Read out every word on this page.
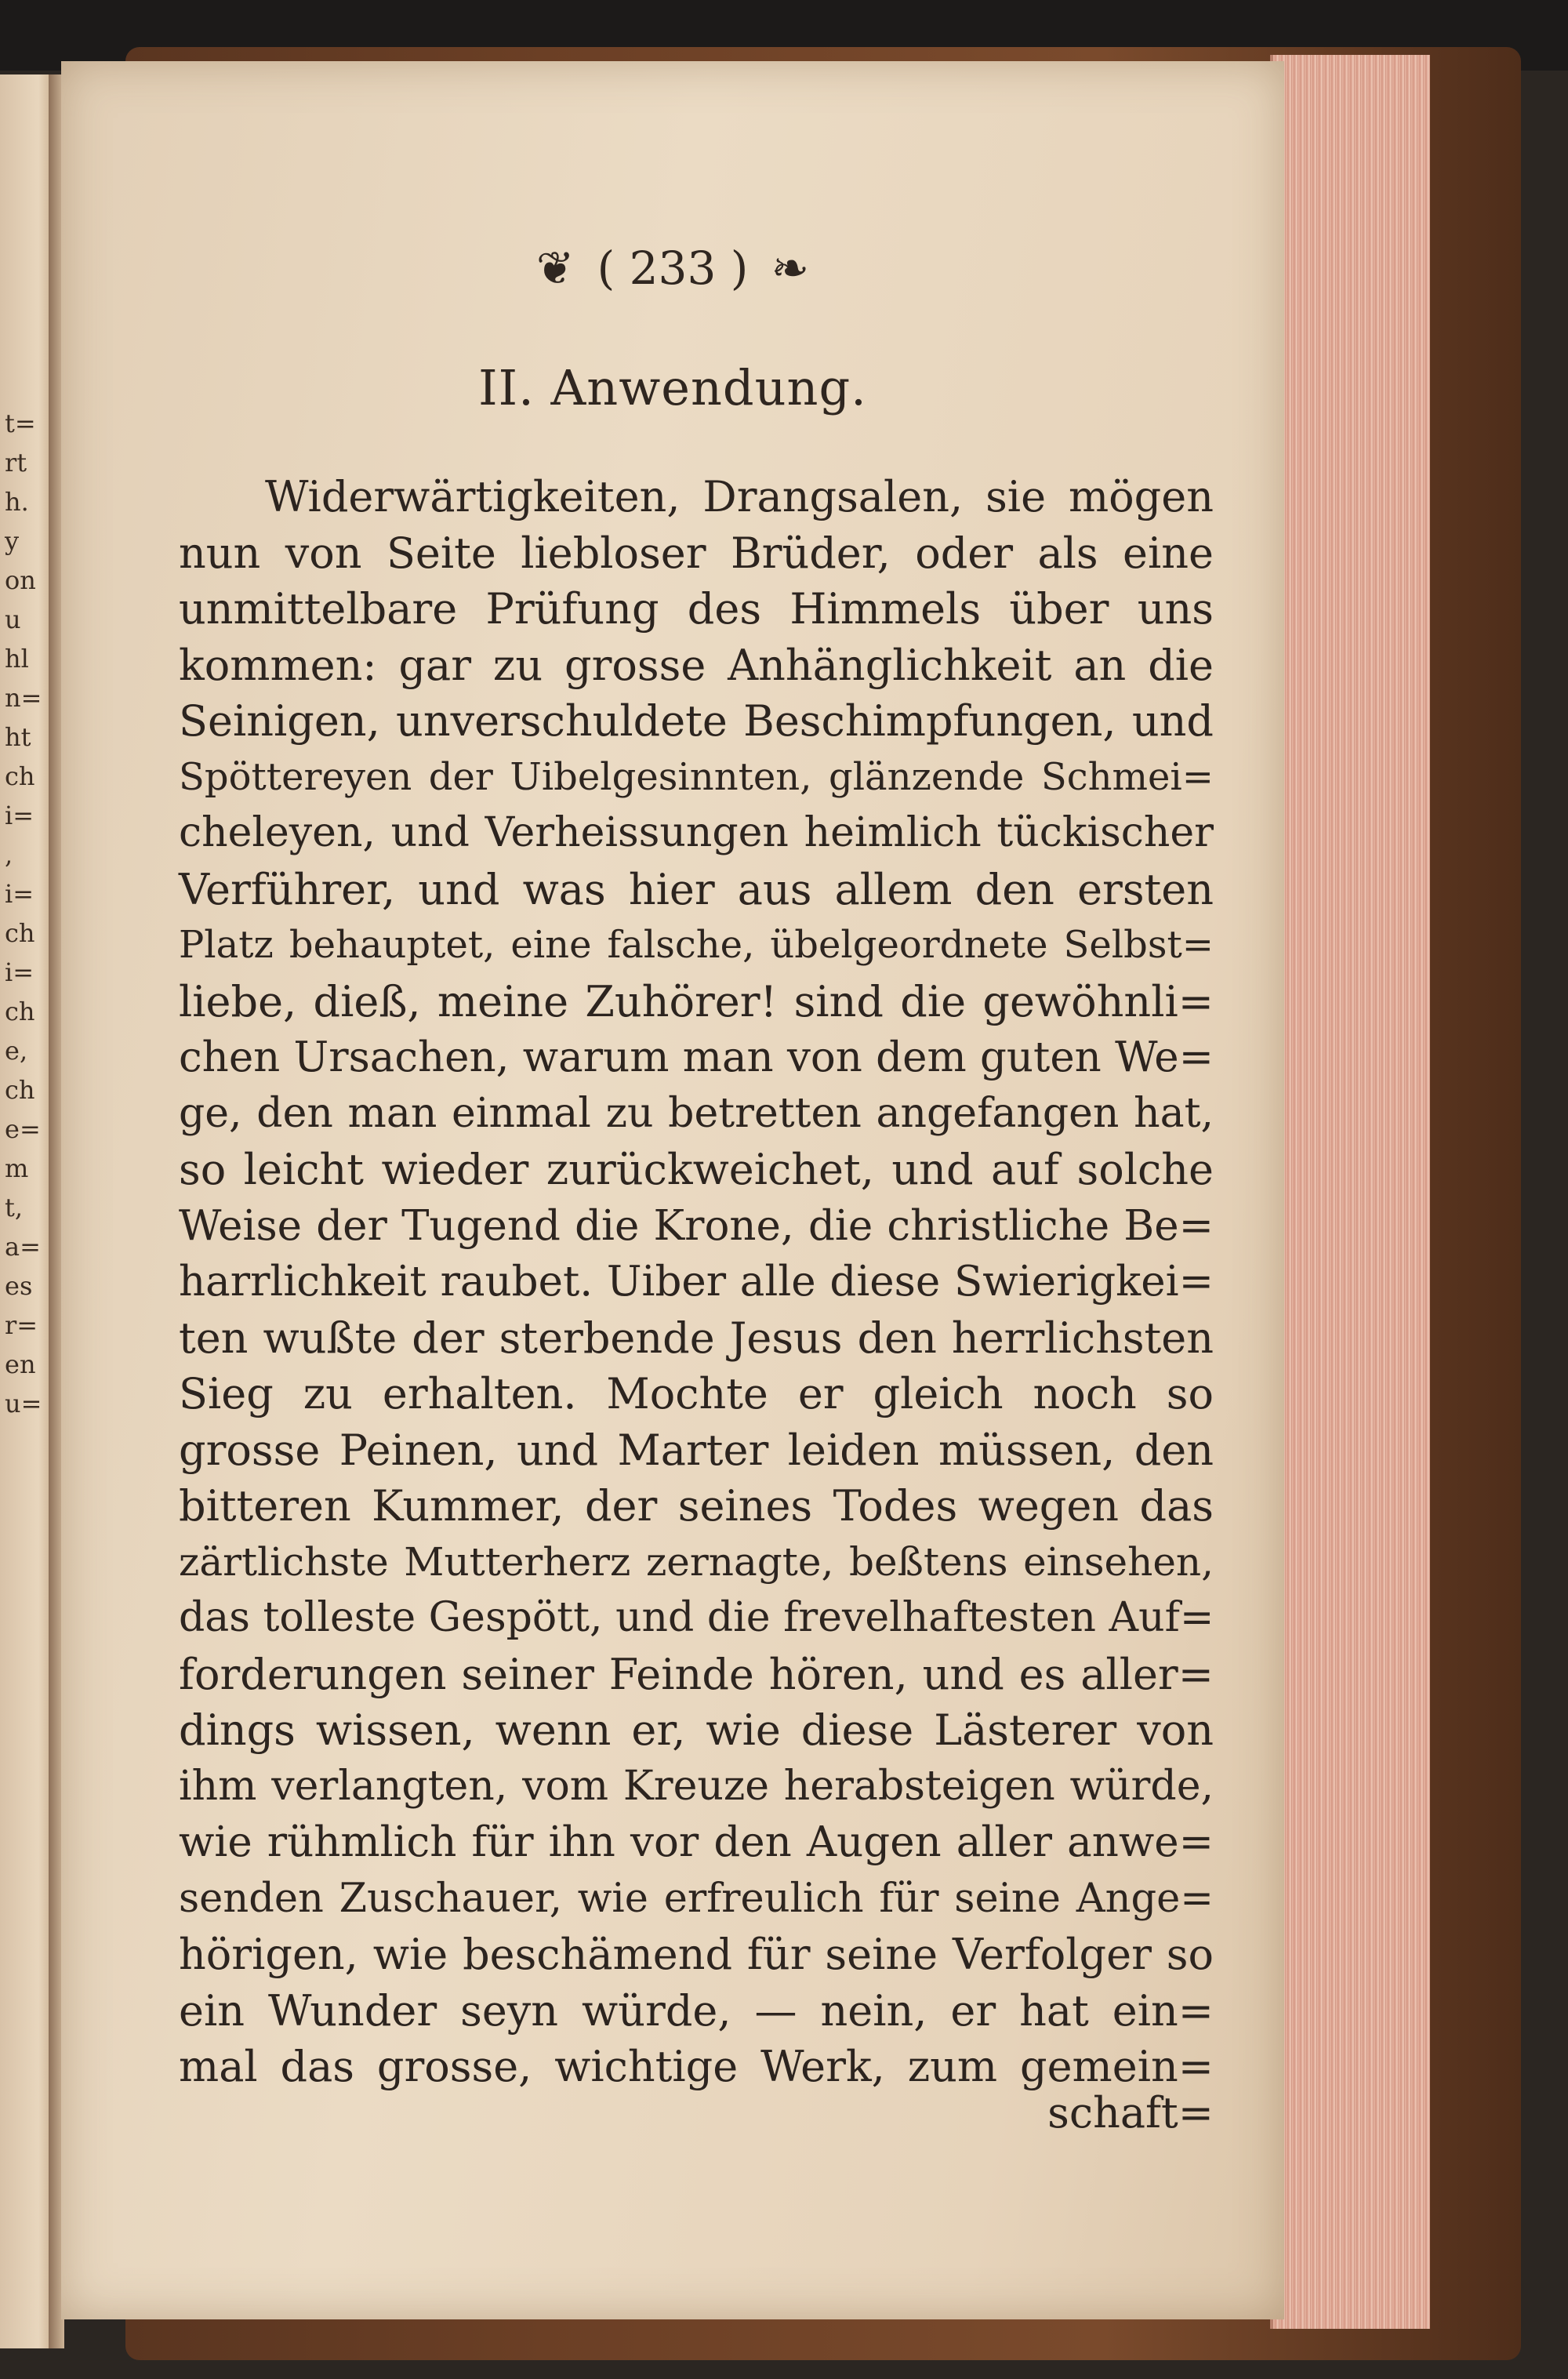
t=
rt
h.
y
on
u
hl
n=
ht
ch
i=
,
i=
ch
i=
ch
e,
ch
e=
m
t,
a=
es
r=
en
u=
❦ ( 233 ) ❧
II. Anwendung.
Widerwärtigkeiten, Drangsalen, sie mögen
nun von Seite liebloser Brüder, oder als eine
unmittelbare Prüfung des Himmels über uns
kommen: gar zu grosse Anhänglichkeit an die
Seinigen, unverschuldete Beschimpfungen, und
Spöttereyen der Uibelgesinnten, glänzende Schmei=
cheleyen, und Verheissungen heimlich tückischer
Verführer, und was hier aus allem den ersten
Platz behauptet, eine falsche, übelgeordnete Selbst=
liebe, dieß, meine Zuhörer! sind die gewöhnli=
chen Ursachen, warum man von dem guten We=
ge, den man einmal zu betretten angefangen hat,
so leicht wieder zurückweichet, und auf solche
Weise der Tugend die Krone, die christliche Be=
harrlichkeit raubet. Uiber alle diese Swierigkei=
ten wußte der sterbende Jesus den herrlichsten
Sieg zu erhalten. Mochte er gleich noch so
grosse Peinen, und Marter leiden müssen, den
bitteren Kummer, der seines Todes wegen das
zärtlichste Mutterherz zernagte, beßtens einsehen,
das tolleste Gespött, und die frevelhaftesten Auf=
forderungen seiner Feinde hören, und es aller=
dings wissen, wenn er, wie diese Lästerer von
ihm verlangten, vom Kreuze herabsteigen würde,
wie rühmlich für ihn vor den Augen aller anwe=
senden Zuschauer, wie erfreulich für seine Ange=
hörigen, wie beschämend für seine Verfolger so
ein Wunder seyn würde, — nein, er hat ein=
mal das grosse, wichtige Werk, zum gemein=
schaft=
